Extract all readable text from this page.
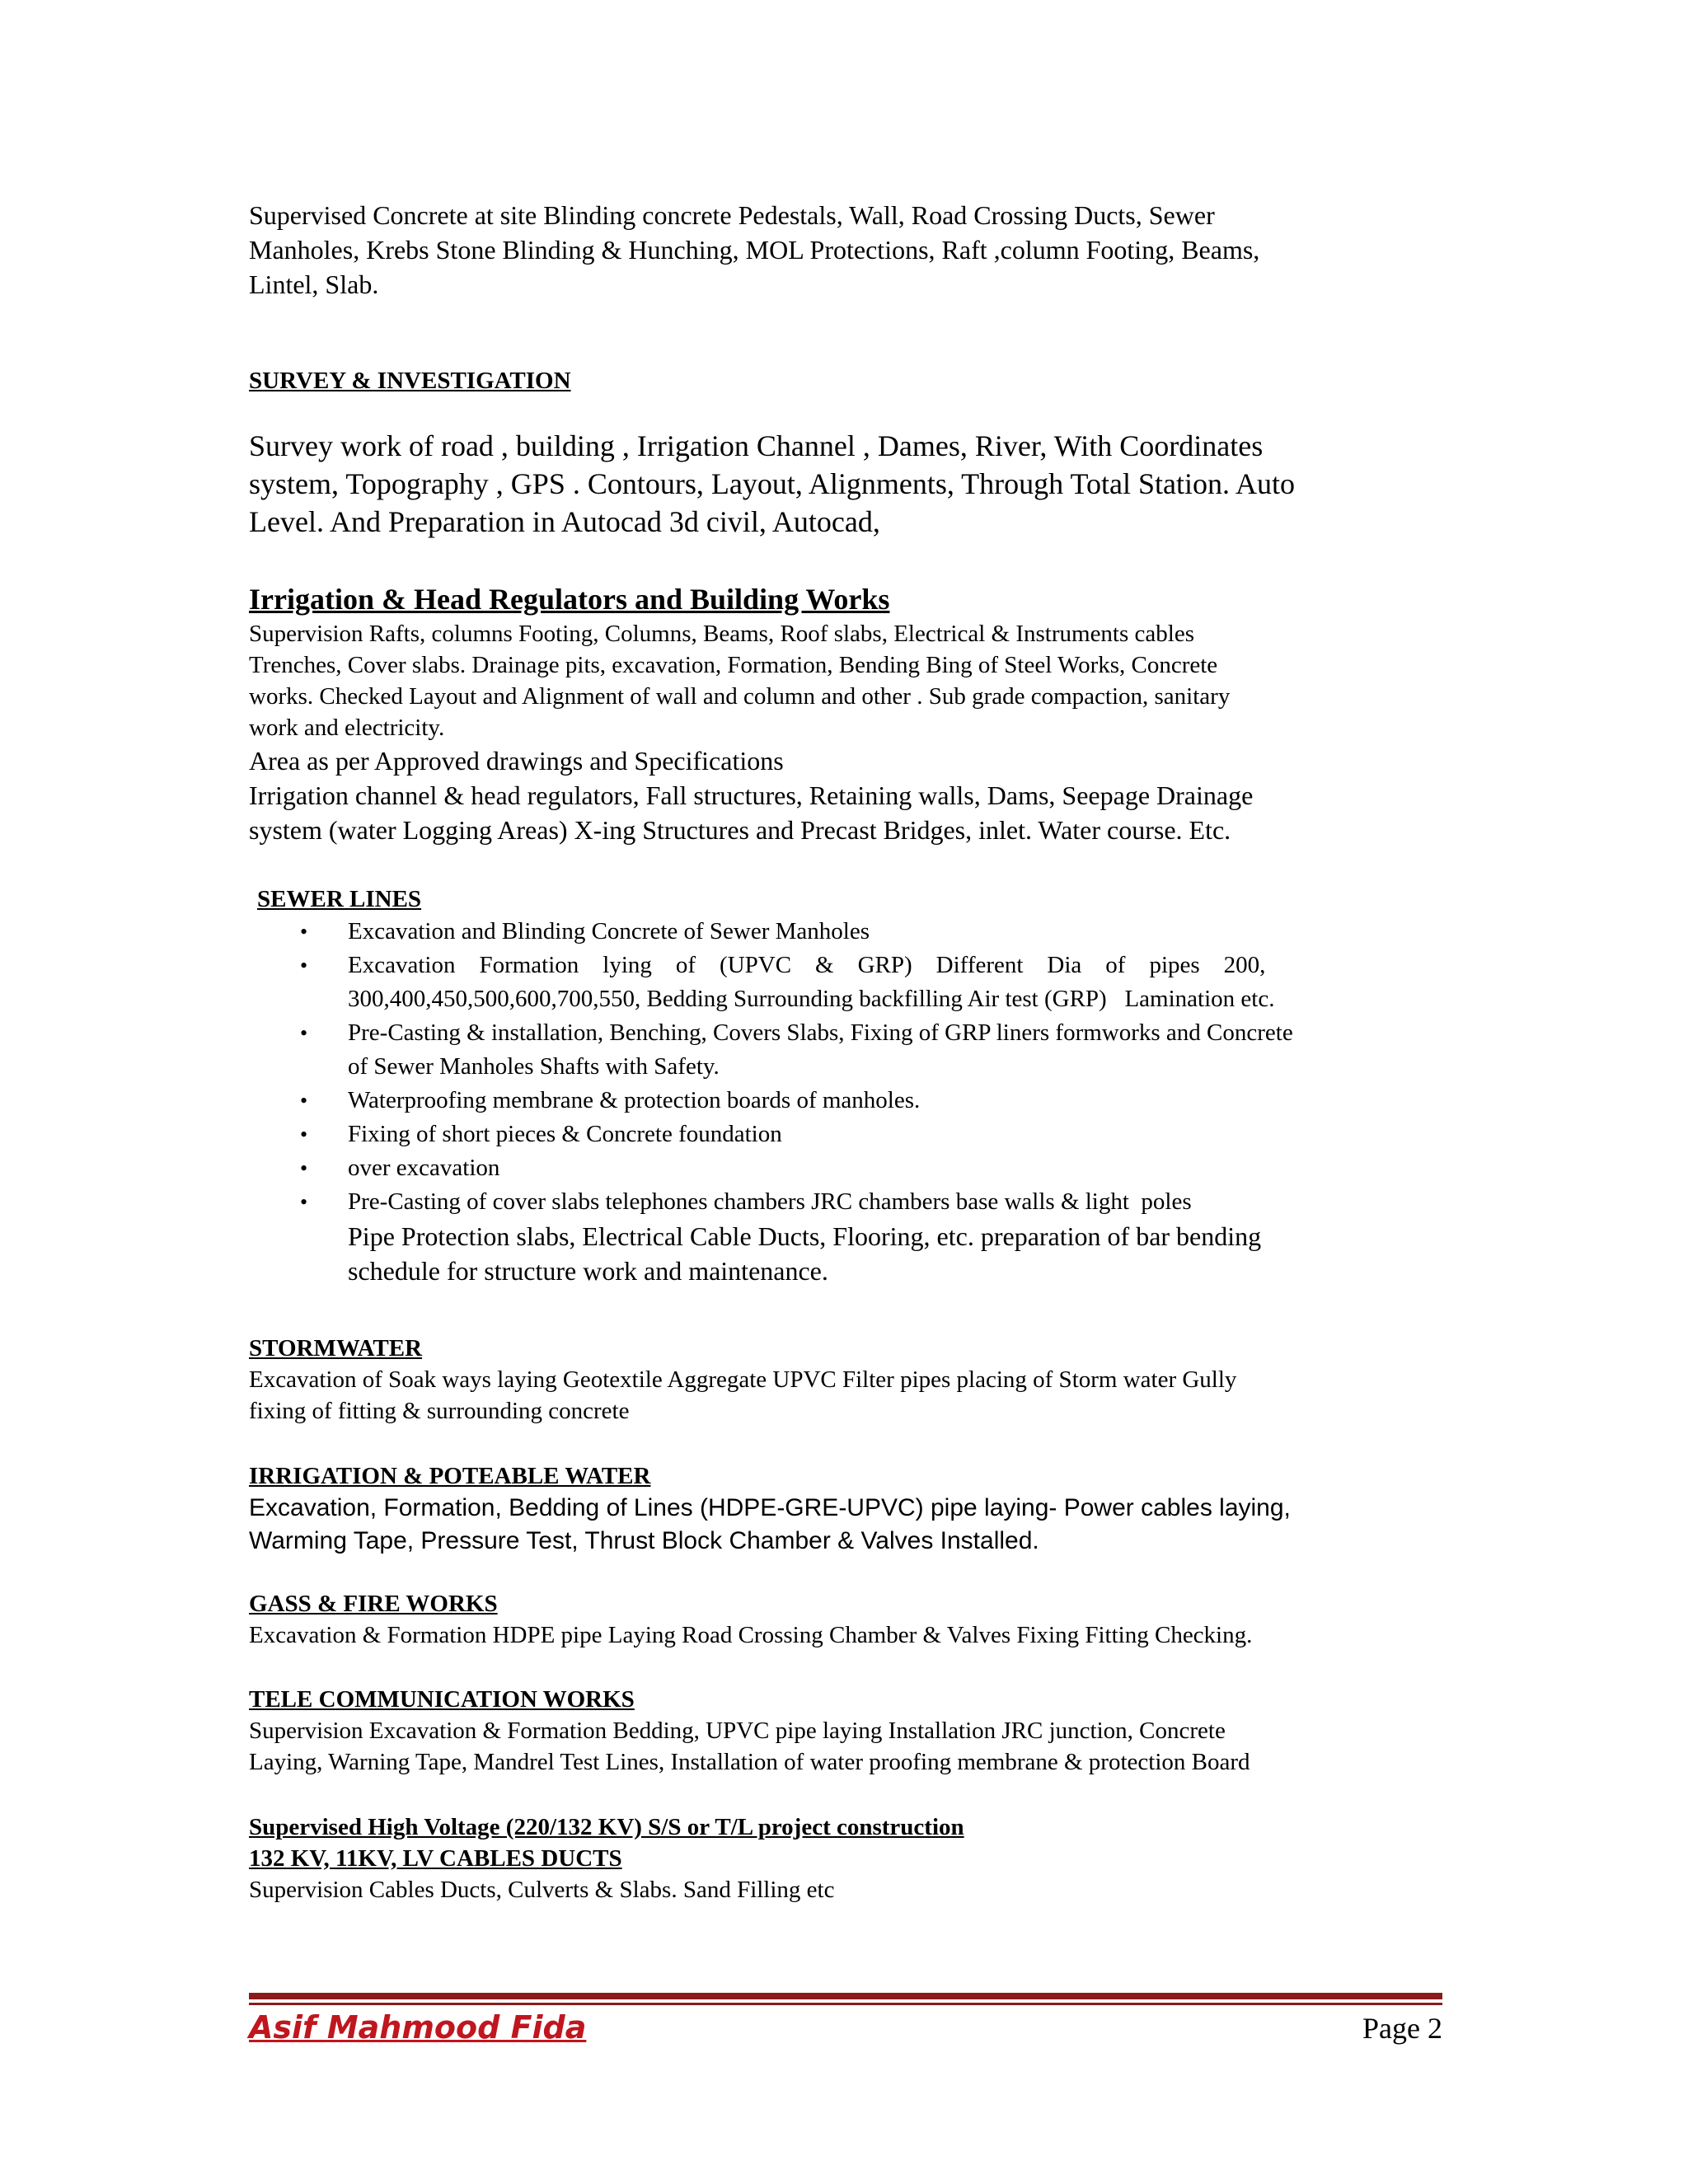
Supervised Concrete at site Blinding concrete Pedestals, Wall, Road Crossing Ducts, Sewer

Manholes, Krebs Stone Blinding & Hunching, MOL Protections, Raft ,column Footing, Beams,

Lintel, Slab.

SURVEY & INVESTIGATION

Survey work of road , building , Irrigation Channel , Dames, River, With Coordinates

system, Topography , GPS . Contours, Layout, Alignments, Through Total Station. Auto

Level. And Preparation in Autocad 3d civil, Autocad,

Irrigation & Head Regulators and Building Works

Supervision Rafts, columns Footing, Columns, Beams, Roof slabs, Electrical & Instruments cables

Trenches, Cover slabs. Drainage pits, excavation, Formation, Bending Bing of Steel Works, Concrete

works. Checked Layout and Alignment of wall and column and other . Sub grade compaction, sanitary

work and electricity.

Area as per Approved drawings and Specifications

Irrigation channel & head regulators, Fall structures, Retaining walls, Dams, Seepage Drainage

system (water Logging Areas) X-ing Structures and Precast Bridges, inlet. Water course. Etc.

SEWER LINES

• Excavation and Blinding Concrete of Sewer Manholes
• Excavation    Formation    lying    of    (UPVC    &    GRP)    Different    Dia    of    pipes    200,
300,400,450,500,600,700,550, Bedding Surrounding backfilling Air test (GRP)   Lamination etc.
• Pre-Casting & installation, Benching, Covers Slabs, Fixing of GRP liners formworks and Concrete
of Sewer Manholes Shafts with Safety.
• Waterproofing membrane & protection boards of manholes.
• Fixing of short pieces & Concrete foundation
• over excavation
• Pre-Casting of cover slabs telephones chambers JRC chambers base walls & light  poles

Pipe Protection slabs, Electrical Cable Ducts, Flooring, etc. preparation of bar bending

schedule for structure work and maintenance.

STORMWATER

Excavation of Soak ways laying Geotextile Aggregate UPVC Filter pipes placing of Storm water Gully

fixing of fitting & surrounding concrete

IRRIGATION & POTEABLE WATER

Excavation, Formation, Bedding of Lines (HDPE-GRE-UPVC) pipe laying- Power cables laying,

Warming Tape, Pressure Test, Thrust Block Chamber & Valves Installed.

GASS & FIRE WORKS

Excavation & Formation HDPE pipe Laying Road Crossing Chamber & Valves Fixing Fitting Checking.

TELE COMMUNICATION WORKS

Supervision Excavation & Formation Bedding, UPVC pipe laying Installation JRC junction, Concrete

Laying, Warning Tape, Mandrel Test Lines, Installation of water proofing membrane & protection Board

Supervised High Voltage (220/132 KV) S/S or T/L project construction

132 KV, 11KV, LV CABLES DUCTS

Supervision Cables Ducts, Culverts & Slabs. Sand Filling etc

Asif Mahmood Fida	Page 2
